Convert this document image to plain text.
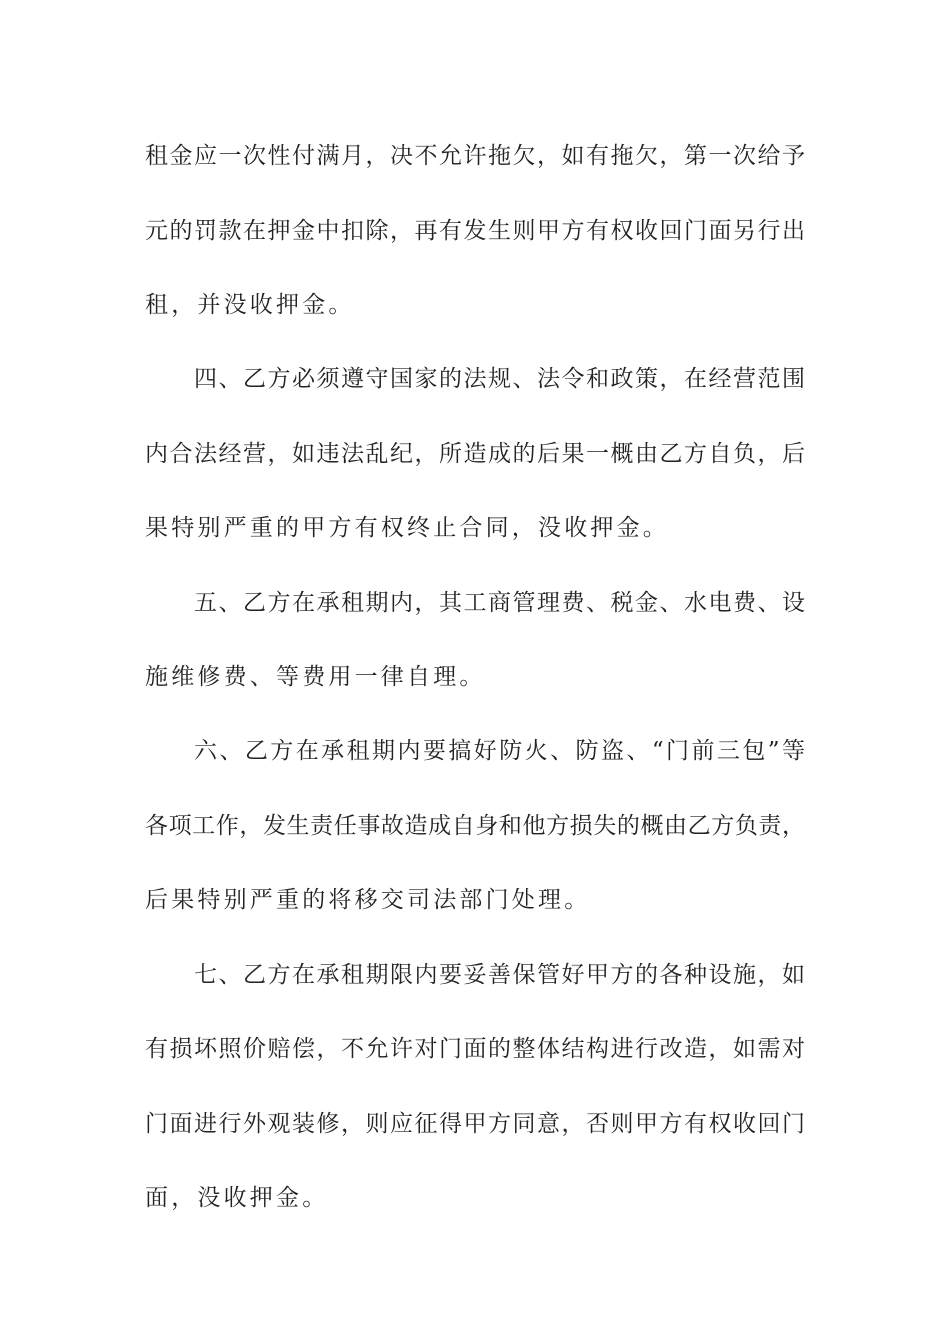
租金应一次性付满月，决不允许拖欠，如有拖欠，第一次给予
元的罚款在押金中扣除，再有发生则甲方有权收回门面另行出
租，并没收押金。
四、乙方必须遵守国家的法规、法令和政策，在经营范围
内合法经营，如违法乱纪，所造成的后果一概由乙方自负，后
果特别严重的甲方有权终止合同，没收押金。
五、乙方在承租期内，其工商管理费、税金、水电费、设
施维修费、等费用一律自理。
六、乙方在承租期内要搞好防火、防盗、“门前三包”等
各项工作，发生责任事故造成自身和他方损失的概由乙方负责，
后果特别严重的将移交司法部门处理。
七、乙方在承租期限内要妥善保管好甲方的各种设施，如
有损坏照价赔偿，不允许对门面的整体结构进行改造，如需对
门面进行外观装修，则应征得甲方同意，否则甲方有权收回门
面，没收押金。
